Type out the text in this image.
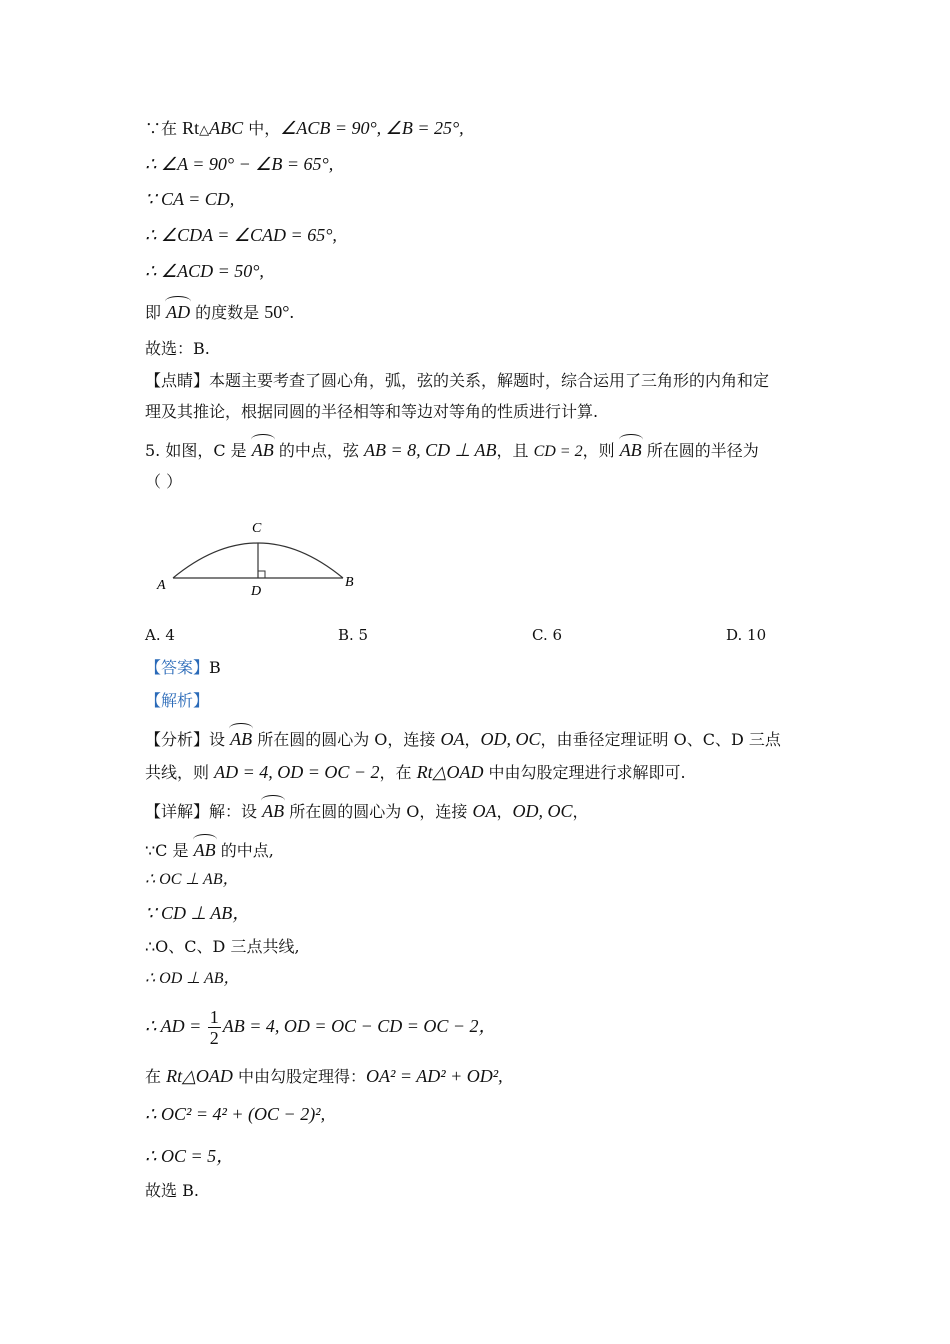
∵在 Rt△ABC 中，∠ACB = 90°, ∠B = 25°,
∴ ∠A = 90° − ∠B = 65°,
∵ CA = CD,
∴ ∠CDA = ∠CAD = 65°,
∴ ∠ACD = 50°,
即 AD 的度数是 50°.
故选：B.
【点睛】本题主要考查了圆心角，弧，弦的关系，解题时，综合运用了三角形的内角和定
理及其推论，根据同圆的半径相等和等边对等角的性质进行计算.
5. 如图，C 是 AB 的中点，弦 AB = 8, CD ⊥ AB，且 CD = 2，则 AB 所在圆的半径为
（ ）
A	B
C
D
A. 4	B. 5	C. 6	D. 10
【答案】B
【解析】
【分析】设 AB 所在圆的圆心为 O，连接 OA，OD, OC，由垂径定理证明 O、C、D 三点
共线，则 AD = 4, OD = OC − 2，在 Rt△OAD 中由勾股定理进行求解即可.
【详解】解：设 AB 所在圆的圆心为 O，连接 OA，OD, OC，
∵C 是 AB 的中点,
∴ OC ⊥ AB，
∵ CD ⊥ AB，
∴O、C、D 三点共线,
∴ OD ⊥ AB，
∴ AD = $\frac{1}{2}$ AB = 4, OD = OC − CD = OC − 2，
在 Rt△OAD 中由勾股定理得：OA² = AD² + OD²,
∴ OC² = 4² + (OC − 2)²,
∴ OC = 5，
故选 B.
